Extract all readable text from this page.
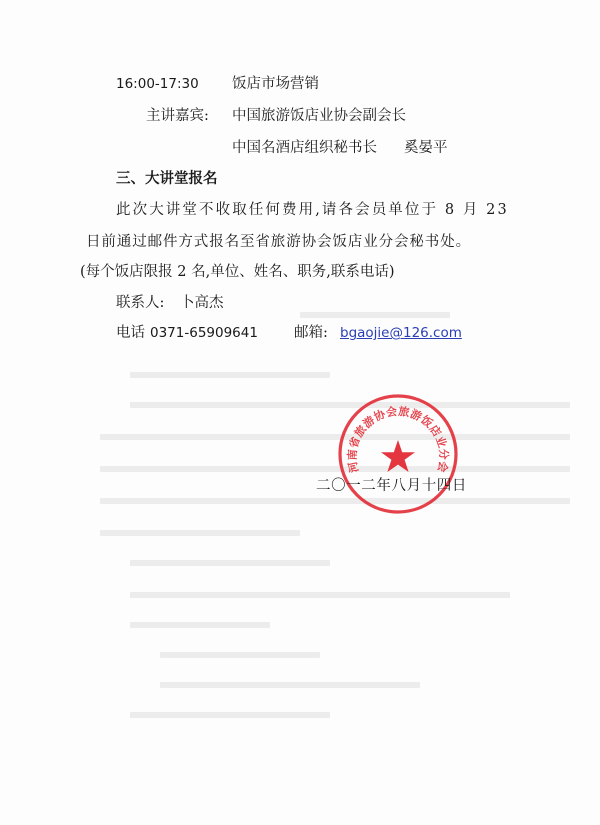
16:00-17:30 饭店市场营销
主讲嘉宾: 中国旅游饭店业协会副会长
中国名酒店组织秘书长 奚晏平
三、大讲堂报名
此次大讲堂不收取任何费用,请各会员单位于 8 月 23
日前通过邮件方式报名至省旅游协会饭店业分会秘书处。
(每个饭店限报 2 名,单位、姓名、职务,联系电话)
联系人: 卜高杰
电话 0371-65909641 邮箱: bgaojie@126.com
河南省旅游协会旅游饭店业分会
二〇一二年八月十四日
